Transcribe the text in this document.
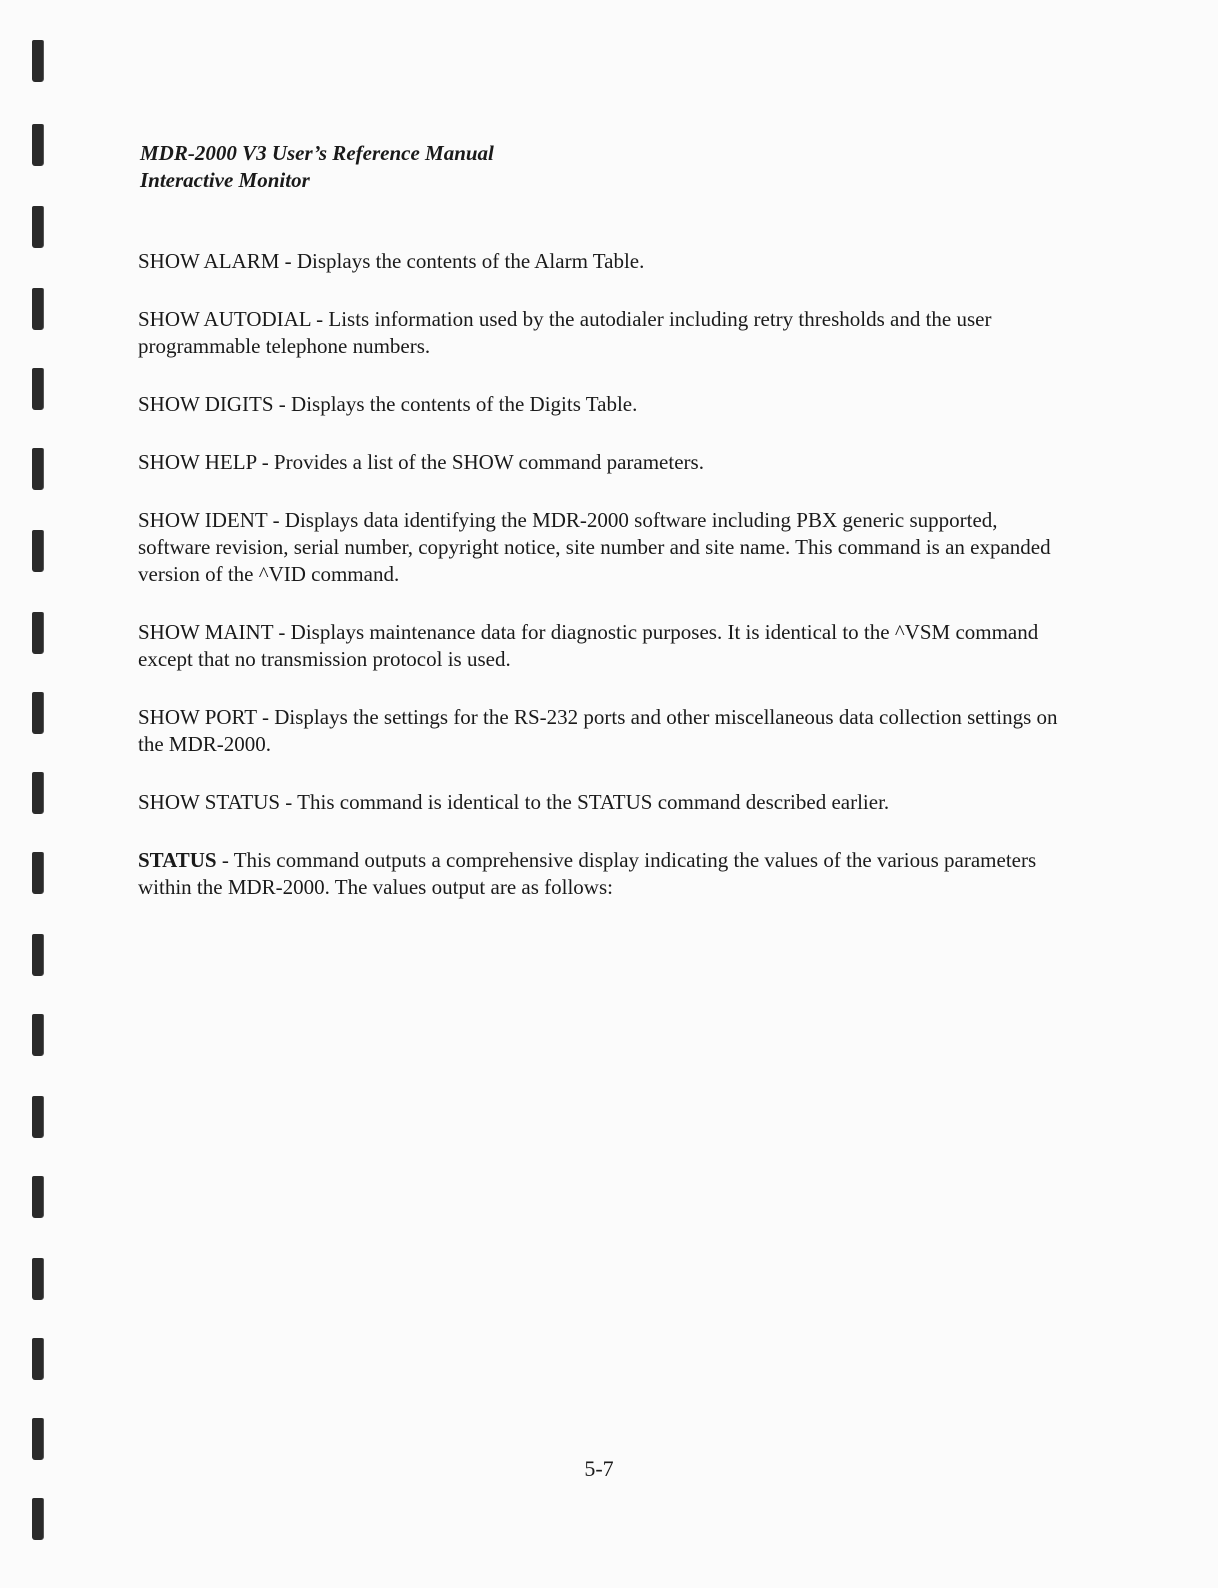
MDR-2000 V3 User’s Reference Manual
Interactive Monitor

SHOW ALARM - Displays the contents of the Alarm Table.

SHOW AUTODIAL - Lists information used by the autodialer including retry thresholds and the user programmable telephone numbers.

SHOW DIGITS - Displays the contents of the Digits Table.

SHOW HELP - Provides a list of the SHOW command parameters.

SHOW IDENT - Displays data identifying the MDR-2000 software including PBX generic supported, software revision, serial number, copyright notice, site number and site name. This command is an expanded version of the ^VID command.

SHOW MAINT - Displays maintenance data for diagnostic purposes. It is identical to the ^VSM command except that no transmission protocol is used.

SHOW PORT - Displays the settings for the RS-232 ports and other miscellaneous data collection settings on the MDR-2000.

SHOW STATUS - This command is identical to the STATUS command described earlier.

STATUS - This command outputs a comprehensive display indicating the values of the various parameters within the MDR-2000. The values output are as follows:

5-7
